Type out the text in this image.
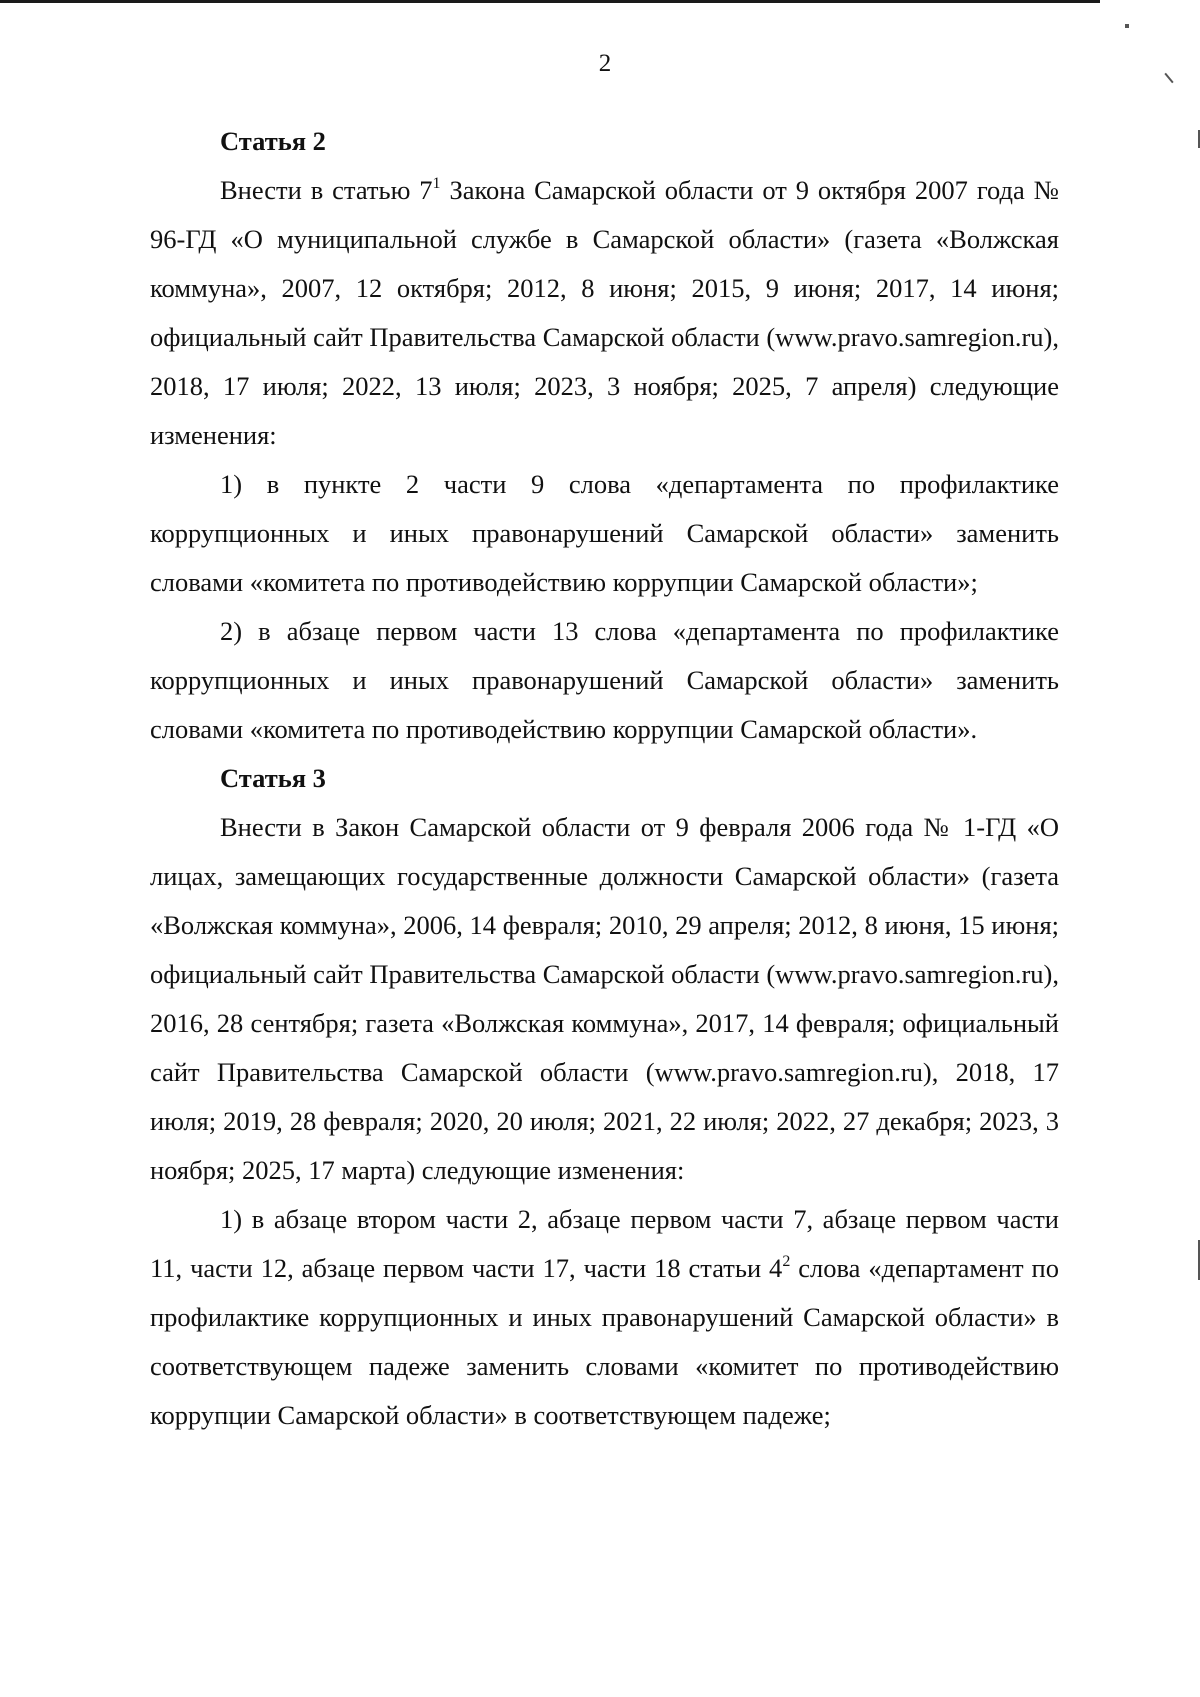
2

Статья 2

Внести в статью $7^1$ Закона Самарской области от 9 октября 2007 года № 96-ГД «О муниципальной службе в Самарской области» (газета «Волжская коммуна», 2007, 12 октября; 2012, 8 июня; 2015, 9 июня; 2017, 14 июня; официальный сайт Правительства Самарской области (www.pravo.samregion.ru), 2018, 17 июля; 2022, 13 июля; 2023, 3 ноября; 2025, 7 апреля) следующие изменения:

1) в пункте 2 части 9 слова «департамента по профилактике коррупционных и иных правонарушений Самарской области» заменить словами «комитета по противодействию коррупции Самарской области»;

2) в абзаце первом части 13 слова «департамента по профилактике коррупционных и иных правонарушений Самарской области» заменить словами «комитета по противодействию коррупции Самарской области».

Статья 3

Внести в Закон Самарской области от 9 февраля 2006 года № 1-ГД «О лицах, замещающих государственные должности Самарской области» (газета «Волжская коммуна», 2006, 14 февраля; 2010, 29 апреля; 2012, 8 июня, 15 июня; официальный сайт Правительства Самарской области (www.pravo.samregion.ru), 2016, 28 сентября; газета «Волжская коммуна», 2017, 14 февраля; официальный сайт Правительства Самарской области (www.pravo.samregion.ru), 2018, 17 июля; 2019, 28 февраля; 2020, 20 июля; 2021, 22 июля; 2022, 27 декабря; 2023, 3 ноября; 2025, 17 марта) следующие изменения:

1) в абзаце втором части 2, абзаце первом части 7, абзаце первом части 11, части 12, абзаце первом части 17, части 18 статьи $4^2$ слова «департамент по профилактике коррупционных и иных правонарушений Самарской области» в соответствующем падеже заменить словами «комитет по противодействию коррупции Самарской области» в соответствующем падеже;
